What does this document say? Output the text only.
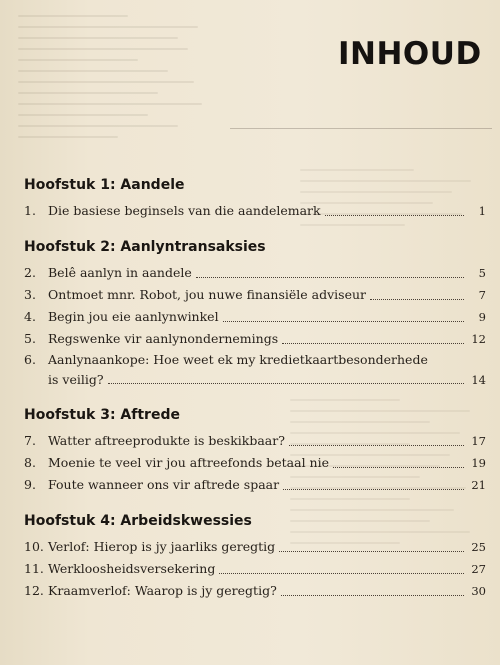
INHOUD
Hoofstuk 1: Aandele
1. Die basiese beginsels van die aandelemark	1
Hoofstuk 2: Aanlyntransaksies
2. Belê aanlyn in aandele	5
3. Ontmoet mnr. Robot, jou nuwe finansiële adviseur	7
4. Begin jou eie aanlynwinkel	9
5. Regswenke vir aanlynondernemings	12
6. Aanlynaankope: Hoe weet ek my kredietkaartbesonderhede
is veilig?	14
Hoofstuk 3: Aftrede
7. Watter aftreeprodukte is beskikbaar?	17
8. Moenie te veel vir jou aftreefonds betaal nie	19
9. Foute wanneer ons vir aftrede spaar	21
Hoofstuk 4: Arbeidskwessies
10. Verlof: Hierop is jy jaarliks geregtig	25
11. Werkloosheidsversekering	27
12. Kraamverlof: Waarop is jy geregtig?	30
